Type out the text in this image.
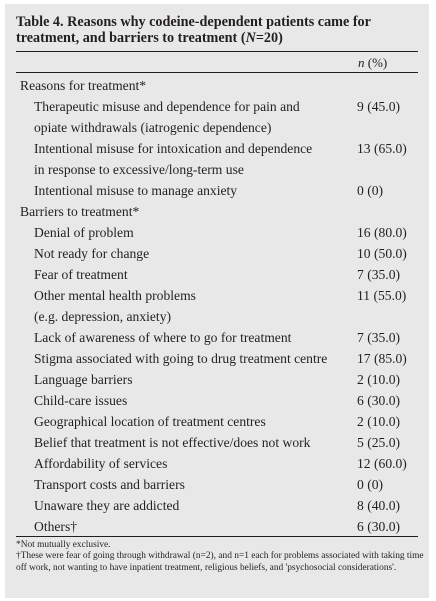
Table 4. Reasons why codeine-dependent patients came for treatment, and barriers to treatment (N=20)
n (%)
Reasons for treatment*
Therapeutic misuse and dependence for pain and	9 (45.0)
opiate withdrawals (iatrogenic dependence)
Intentional misuse for intoxication and dependence	13 (65.0)
in response to excessive/long-term use
Intentional misuse to manage anxiety	0 (0)
Barriers to treatment*
Denial of problem	16 (80.0)
Not ready for change	10 (50.0)
Fear of treatment	7 (35.0)
Other mental health problems	11 (55.0)
(e.g. depression, anxiety)
Lack of awareness of where to go for treatment	7 (35.0)
Stigma associated with going to drug treatment centre 17 (85.0)
Language barriers	2 (10.0)
Child-care issues	6 (30.0)
Geographical location of treatment centres	2 (10.0)
Belief that treatment is not effective/does not work	5 (25.0)
Affordability of services	12 (60.0)
Transport costs and barriers	0 (0)
Unaware they are addicted	8 (40.0)
Others†	6 (30.0)
*Not mutually exclusive.
†These were fear of going through withdrawal (n=2), and n=1 each for problems associated with taking time off work, not wanting to have inpatient treatment, religious beliefs, and 'psychosocial considerations'.
